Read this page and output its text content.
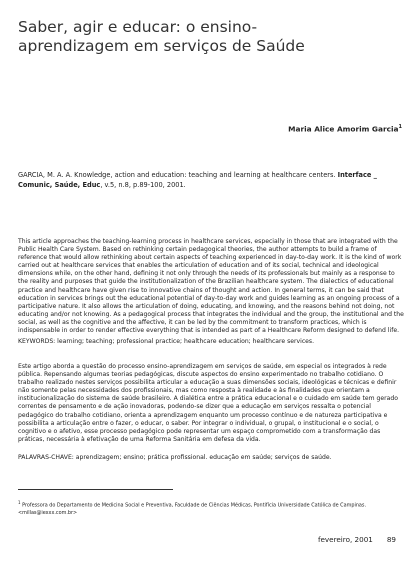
Saber, agir e educar: o ensino-
aprendizagem em serviços de Saúde
Maria Alice Amorim Garcia$^1$
GARCIA, M. A. A. Knowledge, action and education: teaching and learning at healthcare centers. Interface _
Comunic, Saúde, Educ, v.5, n.8, p.89-100, 2001.

This article approaches the teaching-learning process in healthcare services, especially in those that are integrated with the Public Health Care System. Based on rethinking certain pedagogical theories, the author attempts to build a frame of reference that would allow rethinking about certain aspects of teaching experienced in day-to-day work. It is the kind of work carried out at healthcare services that enables the articulation of education and of its social, technical and ideological dimensions while, on the other hand, defining it not only through the needs of its professionals but mainly as a response to the reality and purposes that guide the institutionalization of the Brazilian healthcare system. The dialectics of educational practice and healthcare have given rise to innovative chains of thought and action. In general terms, it can be said that education in services brings out the educational potential of day-to-day work and guides learning as an ongoing process of a participative nature. It also allows the articulation of doing, educating, and knowing, and the reasons behind not doing, not educating and/or not knowing. As a pedagogical process that integrates the individual and the group, the institutional and the social, as well as the cognitive and the affective, it can be led by the commitment to transform practices, which is indispensable in order to render effective everything that is intended as part of a Healthcare Reform designed to defend life.

KEYWORDS: learning; teaching; professional practice; healthcare education; healthcare services.

Este artigo aborda a questão do processo ensino-aprendizagem em serviços de saúde, em especial os integrados à rede pública. Repensando algumas teorias pedagógicas, discute aspectos do ensino experimentado no trabalho cotidiano. O trabalho realizado nestes serviços possibilita articular a educação a suas dimensões sociais, ideológicas e técnicas e definir não somente pelas necessidades dos profissionais, mas como resposta à realidade e às finalidades que orientam a institucionalização do sistema de saúde brasileiro. A dialética entre a prática educacional e o cuidado em saúde tem gerado correntes de pensamento e de ação inovadoras, podendo-se dizer que a educação em serviços ressalta o potencial pedagógico do trabalho cotidiano, orienta a aprendizagem enquanto um processo contínuo e de natureza participativa e possibilita a articulação entre o fazer, o educar, o saber. Por integrar o individual, o grupal, o institucional e o social, o cognitivo e o afetivo, esse processo pedagógico pode representar um espaço comprometido com a transformação das práticas, necessária à efetivação de uma Reforma Sanitária em defesa da vida.

PALAVRAS-CHAVE: aprendizagem; ensino; prática profissional. educação em saúde; serviços de saúde.

$^1$ Professora do Departamento de Medicina Social e Preventiva, Faculdade de Ciências Médicas, Pontifícia Universidade Católica de Campinas. <millas@iexxx.com.br>

fevereiro, 2001 89
